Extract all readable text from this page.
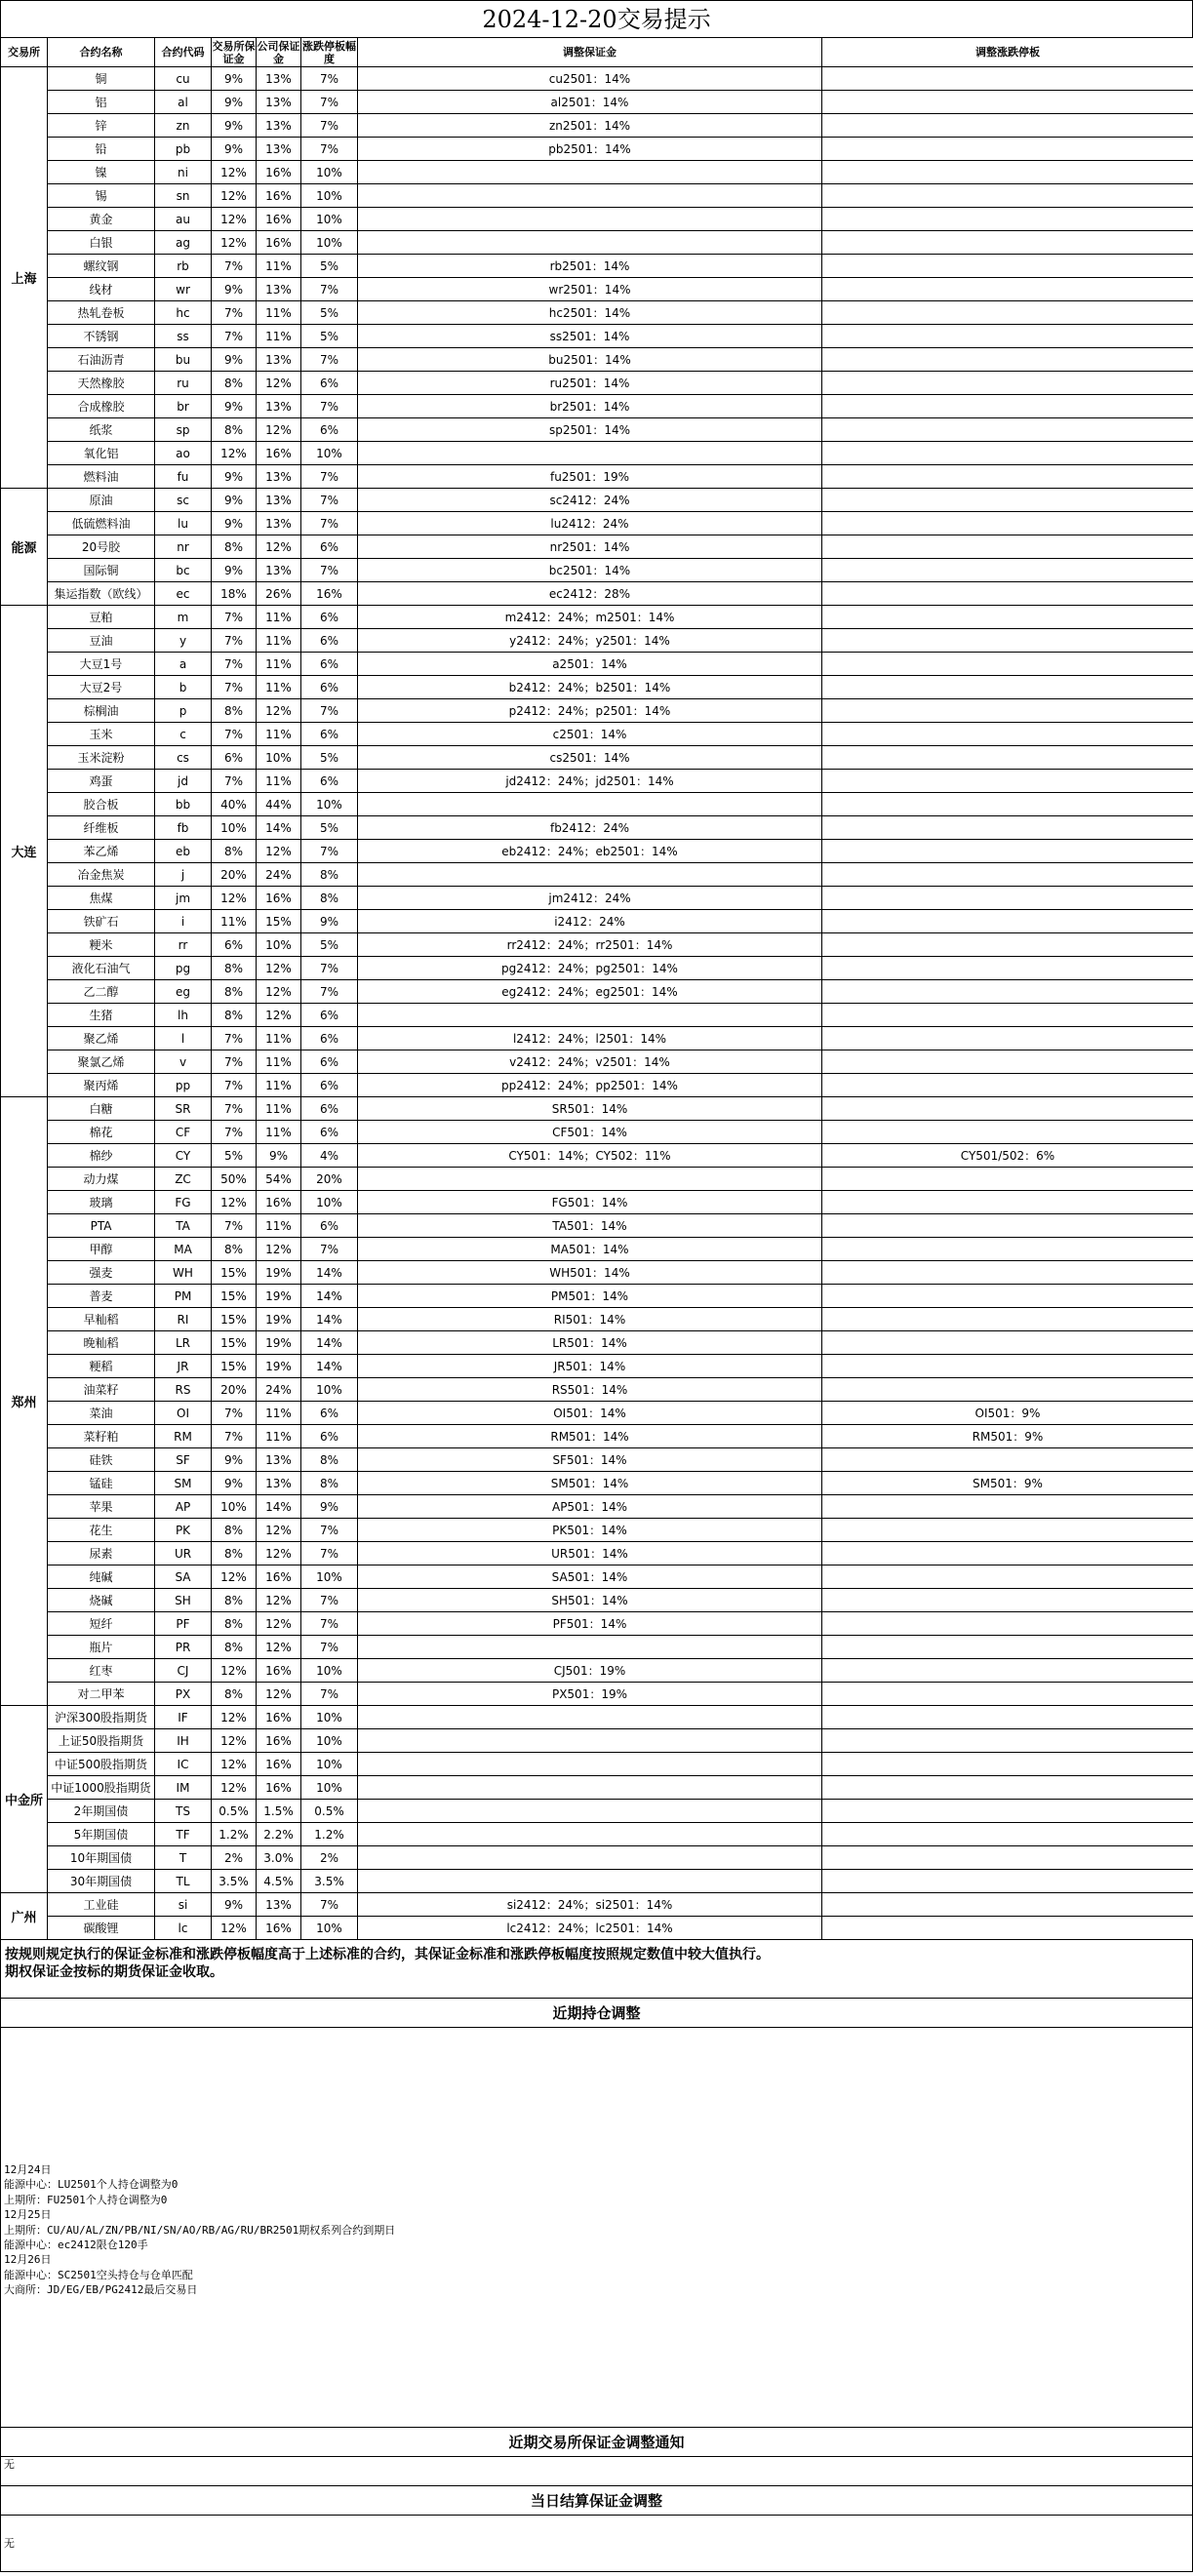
2024-12-20交易提示
交易所	合约名称	合约代码	交易所保证金	公司保证金	涨跌停板幅度	调整保证金	调整涨跌停板
上海	铜	cu	9%	13%	7%	cu2501：14%	
	铝	al	9%	13%	7%	al2501：14%	
	锌	zn	9%	13%	7%	zn2501：14%	
	铅	pb	9%	13%	7%	pb2501：14%	
	镍	ni	12%	16%	10%		
	锡	sn	12%	16%	10%		
	黄金	au	12%	16%	10%		
	白银	ag	12%	16%	10%		
	螺纹钢	rb	7%	11%	5%	rb2501：14%	
	线材	wr	9%	13%	7%	wr2501：14%	
	热轧卷板	hc	7%	11%	5%	hc2501：14%	
	不锈钢	ss	7%	11%	5%	ss2501：14%	
	石油沥青	bu	9%	13%	7%	bu2501：14%	
	天然橡胶	ru	8%	12%	6%	ru2501：14%	
	合成橡胶	br	9%	13%	7%	br2501：14%	
	纸浆	sp	8%	12%	6%	sp2501：14%	
	氧化铝	ao	12%	16%	10%		
	燃料油	fu	9%	13%	7%	fu2501：19%	
能源	原油	sc	9%	13%	7%	sc2412：24%	
	低硫燃料油	lu	9%	13%	7%	lu2412：24%	
	20号胶	nr	8%	12%	6%	nr2501：14%	
	国际铜	bc	9%	13%	7%	bc2501：14%	
	集运指数（欧线）	ec	18%	26%	16%	ec2412：28%	
大连	豆粕	m	7%	11%	6%	m2412：24%；m2501：14%	
	豆油	y	7%	11%	6%	y2412：24%；y2501：14%	
	大豆1号	a	7%	11%	6%	a2501：14%	
	大豆2号	b	7%	11%	6%	b2412：24%；b2501：14%	
	棕榈油	p	8%	12%	7%	p2412：24%；p2501：14%	
	玉米	c	7%	11%	6%	c2501：14%	
	玉米淀粉	cs	6%	10%	5%	cs2501：14%	
	鸡蛋	jd	7%	11%	6%	jd2412：24%；jd2501：14%	
	胶合板	bb	40%	44%	10%		
	纤维板	fb	10%	14%	5%	fb2412：24%	
	苯乙烯	eb	8%	12%	7%	eb2412：24%；eb2501：14%	
	冶金焦炭	j	20%	24%	8%		
	焦煤	jm	12%	16%	8%	jm2412：24%	
	铁矿石	i	11%	15%	9%	i2412：24%	
	粳米	rr	6%	10%	5%	rr2412：24%；rr2501：14%	
	液化石油气	pg	8%	12%	7%	pg2412：24%；pg2501：14%	
	乙二醇	eg	8%	12%	7%	eg2412：24%；eg2501：14%	
	生猪	lh	8%	12%	6%		
	聚乙烯	l	7%	11%	6%	l2412：24%；l2501：14%	
	聚氯乙烯	v	7%	11%	6%	v2412：24%；v2501：14%	
	聚丙烯	pp	7%	11%	6%	pp2412：24%；pp2501：14%	
郑州	白糖	SR	7%	11%	6%	SR501：14%	
	棉花	CF	7%	11%	6%	CF501：14%	
	棉纱	CY	5%	9%	4%	CY501：14%；CY502：11%	CY501/502：6%
	动力煤	ZC	50%	54%	20%		
	玻璃	FG	12%	16%	10%	FG501：14%	
	PTA	TA	7%	11%	6%	TA501：14%	
	甲醇	MA	8%	12%	7%	MA501：14%	
	强麦	WH	15%	19%	14%	WH501：14%	
	普麦	PM	15%	19%	14%	PM501：14%	
	早籼稻	RI	15%	19%	14%	RI501：14%	
	晚籼稻	LR	15%	19%	14%	LR501：14%	
	粳稻	JR	15%	19%	14%	JR501：14%	
	油菜籽	RS	20%	24%	10%	RS501：14%	
	菜油	OI	7%	11%	6%	OI501：14%	OI501：9%
	菜籽粕	RM	7%	11%	6%	RM501：14%	RM501：9%
	硅铁	SF	9%	13%	8%	SF501：14%	
	锰硅	SM	9%	13%	8%	SM501：14%	SM501：9%
	苹果	AP	10%	14%	9%	AP501：14%	
	花生	PK	8%	12%	7%	PK501：14%	
	尿素	UR	8%	12%	7%	UR501：14%	
	纯碱	SA	12%	16%	10%	SA501：14%	
	烧碱	SH	8%	12%	7%	SH501：14%	
	短纤	PF	8%	12%	7%	PF501：14%	
	瓶片	PR	8%	12%	7%		
	红枣	CJ	12%	16%	10%	CJ501：19%	
	对二甲苯	PX	8%	12%	7%	PX501：19%	
中金所	沪深300股指期货	IF	12%	16%	10%		
	上证50股指期货	IH	12%	16%	10%		
	中证500股指期货	IC	12%	16%	10%		
	中证1000股指期货	IM	12%	16%	10%		
	2年期国债	TS	0.5%	1.5%	0.5%		
	5年期国债	TF	1.2%	2.2%	1.2%		
	10年期国债	T	2%	3.0%	2%		
	30年期国债	TL	3.5%	4.5%	3.5%		
广州	工业硅	si	9%	13%	7%	si2412：24%；si2501：14%	
	碳酸锂	lc	12%	16%	10%	lc2412：24%；lc2501：14%	
按规则规定执行的保证金标准和涨跌停板幅度高于上述标准的合约，其保证金标准和涨跌停板幅度按照规定数值中较大值执行。
期权保证金按标的期货保证金收取。
近期持仓调整
12月24日
能源中心：LU2501个人持仓调整为0
上期所：FU2501个人持仓调整为0
12月25日
上期所：CU/AU/AL/ZN/PB/NI/SN/AO/RB/AG/RU/BR2501期权系列合约到期日
能源中心：ec2412限仓120手
12月26日
能源中心：SC2501空头持仓与仓单匹配
大商所：JD/EG/EB/PG2412最后交易日
近期交易所保证金调整通知
无
当日结算保证金调整
无
